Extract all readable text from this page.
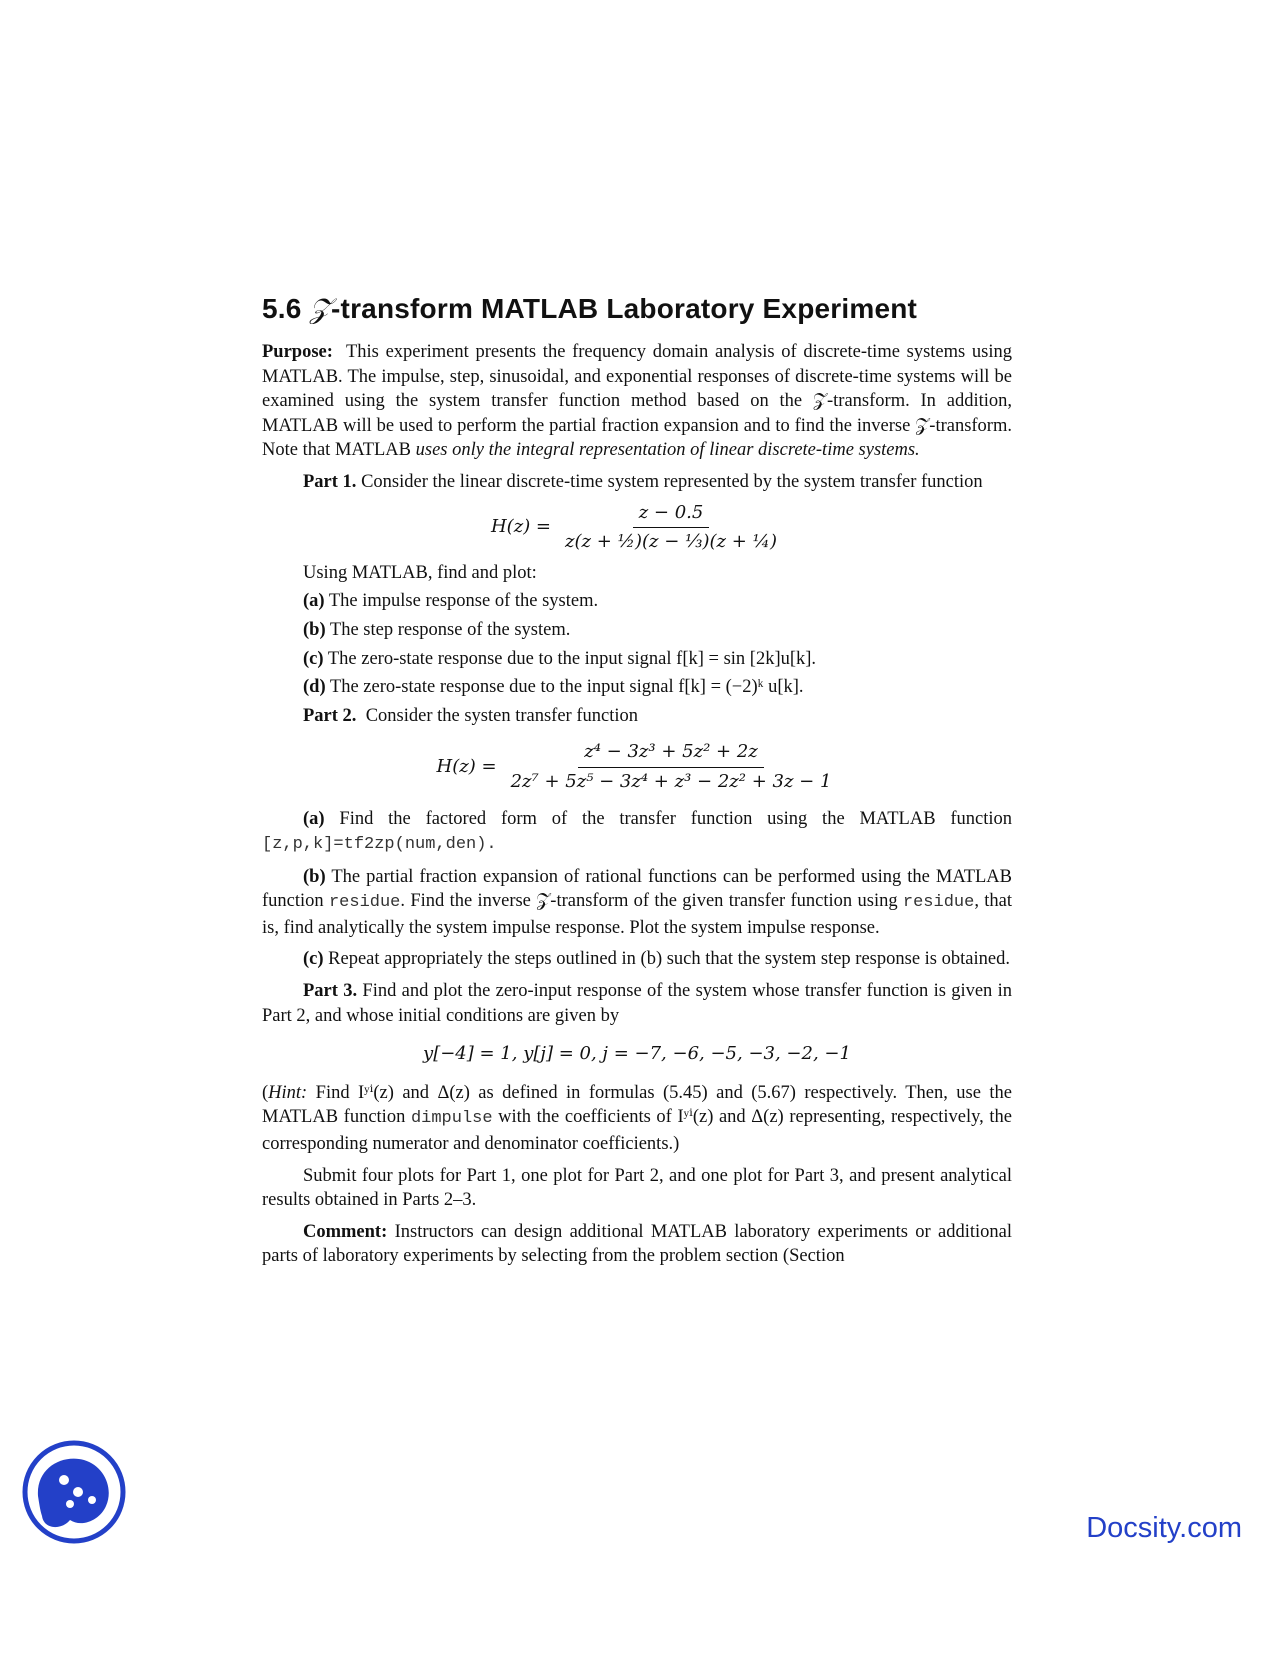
5.6 𝒵-transform MATLAB Laboratory Experiment

Purpose: This experiment presents the frequency domain analysis of discrete-time systems using MATLAB. The impulse, step, sinusoidal, and exponential responses of discrete-time systems will be examined using the system transfer function method based on the 𝒵-transform. In addition, MATLAB will be used to perform the partial fraction expansion and to find the inverse 𝒵-transform. Note that MATLAB uses only the integral representation of linear discrete-time systems.

Part 1. Consider the linear discrete-time system represented by the system transfer function

$H(z) = \frac{z - 0.5}{\text{z(z + ½)(z − ⅓)(z + ¼)}}$

Using MATLAB, find and plot:

(a) The impulse response of the system.

(b) The step response of the system.

(c) The zero-state response due to the input signal f[k] = sin [2k]u[k].

(d) The zero-state response due to the input signal f[k] = (−2)ᵏ u[k].

Part 2. Consider the systen transfer function

$H(z) = \frac{\text{z⁴ − 3z³ + 5z² + 2z}}{\text{2z⁷ + 5z⁵ − 3z⁴ + z³ − 2z² + 3z − 1}}$

(a) Find the factored form of the transfer function using the MATLAB function [z,p,k]=tf2zp(num,den).

(b) The partial fraction expansion of rational functions can be performed using the MATLAB function residue. Find the inverse 𝒵-transform of the given transfer function using residue, that is, find analytically the system impulse response. Plot the system impulse response.

(c) Repeat appropriately the steps outlined in (b) such that the system step response is obtained.

Part 3. Find and plot the zero-input response of the system whose transfer function is given in Part 2, and whose initial conditions are given by

y[−4] = 1, y[j] = 0, j = −7, −6, −5, −3, −2, −1

(Hint: Find Iʸⁱ(z) and Δ(z) as defined in formulas (5.45) and (5.67) respectively. Then, use the MATLAB function dimpulse with the coefficients of Iʸⁱ(z) and Δ(z) representing, respectively, the corresponding numerator and denominator coefficients.)

Submit four plots for Part 1, one plot for Part 2, and one plot for Part 3, and present analytical results obtained in Parts 2–3.

Comment: Instructors can design additional MATLAB laboratory experiments or additional parts of laboratory experiments by selecting from the problem section (Section

Docsity.com
